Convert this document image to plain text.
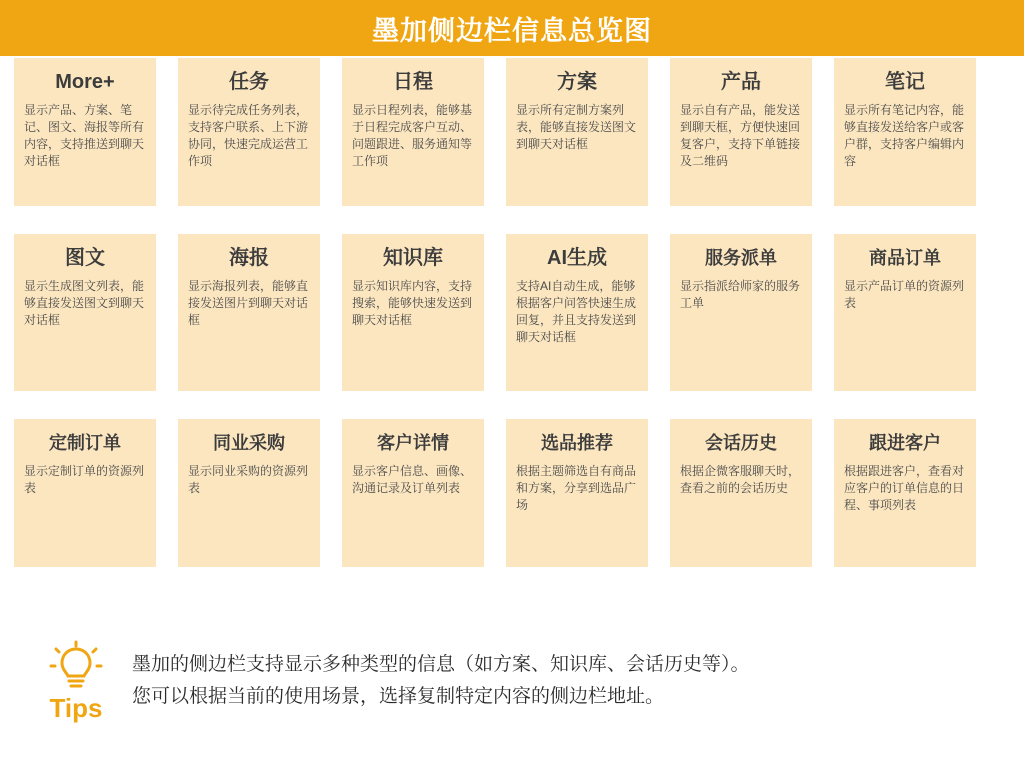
墨加侧边栏信息总览图
More+
显示产品、方案、笔记、图文、海报等所有内容，支持推送到聊天对话框
任务
显示待完成任务列表，支持客户联系、上下游协同，快速完成运营工作项
日程
显示日程列表，能够基于日程完成客户互动、问题跟进、服务通知等工作项
方案
显示所有定制方案列表，能够直接发送图文到聊天对话框
产品
显示自有产品，能发送到聊天框，方便快速回复客户，支持下单链接及二维码
笔记
显示所有笔记内容，能够直接发送给客户或客户群，支持客户编辑内容
图文
显示生成图文列表，能够直接发送图文到聊天对话框
海报
显示海报列表，能够直接发送图片到聊天对话框
知识库
显示知识库内容，支持搜索，能够快速发送到聊天对话框
AI生成
支持AI自动生成，能够根据客户问答快速生成回复，并且支持发送到聊天对话框
服务派单
显示指派给师家的服务工单
商品订单
显示产品订单的资源列表
定制订单
显示定制订单的资源列表
同业采购
显示同业采购的资源列表
客户详情
显示客户信息、画像、沟通记录及订单列表
选品推荐
根据主题筛选自有商品和方案，分享到选品广场
会话历史
根据企微客服聊天时，查看之前的会话历史
跟进客户
根据跟进客户，查看对应客户的订单信息的日程、事项列表
Tips
墨加的侧边栏支持显示多种类型的信息（如方案、知识库、会话历史等）。
您可以根据当前的使用场景，选择复制特定内容的侧边栏地址。
